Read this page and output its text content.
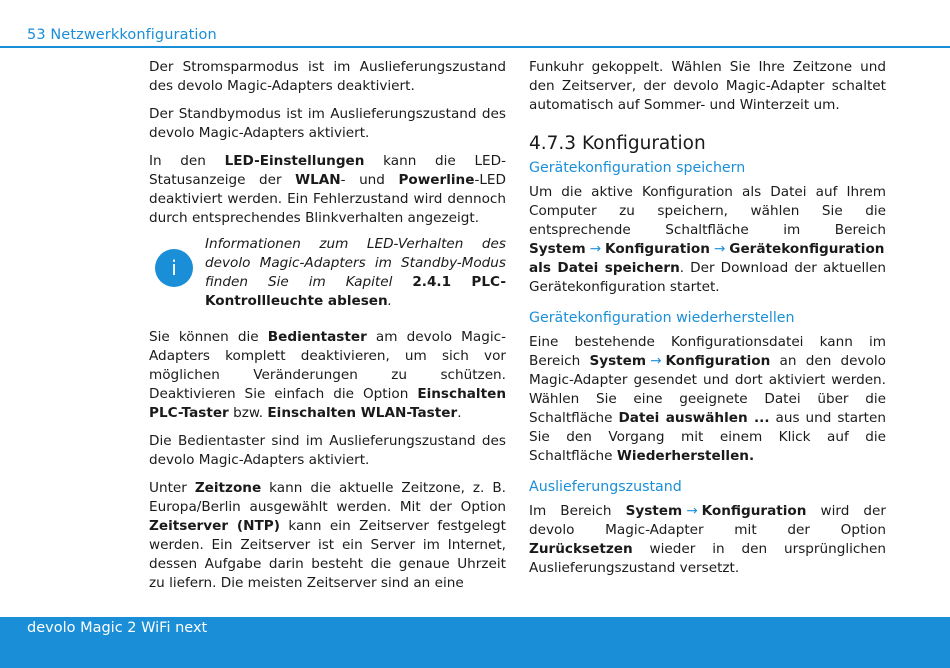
53 Netzwerkkonfiguration

Der Stromsparmodus ist im Auslieferungszustand des devolo Magic-Adapters deaktiviert.

Der Standbymodus ist im Auslieferungszustand des devolo Magic-Adapters aktiviert.

In den LED-Einstellungen kann die LED-Statusanzeige der WLAN- und Powerline-LED deaktiviert werden. Ein Fehlerzustand wird dennoch durch entsprechendes Blinkverhalten angezeigt.

i
Informationen zum LED-Verhalten des devolo Magic-Adapters im Standby-Modus finden Sie im Kapitel 2.4.1 PLC-Kontrollleuchte ablesen.

Sie können die Bedientaster am devolo Magic-Adapters komplett deaktivieren, um sich vor möglichen Veränderungen zu schützen. Deaktivieren Sie einfach die Option Einschalten PLC-Taster bzw. Einschalten WLAN-Taster.

Die Bedientaster sind im Auslieferungszustand des devolo Magic-Adapters aktiviert.

Unter Zeitzone kann die aktuelle Zeitzone, z. B. Europa/Berlin ausgewählt werden. Mit der Option Zeitserver (NTP) kann ein Zeitserver festgelegt werden. Ein Zeitserver ist ein Server im Internet, dessen Aufgabe darin besteht die genaue Uhrzeit zu liefern. Die meisten Zeitserver sind an eine

Funkuhr gekoppelt. Wählen Sie Ihre Zeitzone und den Zeitserver, der devolo Magic-Adapter schaltet automatisch auf Sommer- und Winterzeit um.

4.7.3 Konfiguration
Gerätekonfiguration speichern

Um die aktive Konfiguration als Datei auf Ihrem Computer zu speichern, wählen Sie die entsprechende Schaltfläche im Bereich System → Konfiguration → Gerätekonfiguration als Datei speichern. Der Download der aktuellen Gerätekonfiguration startet.

Gerätekonfiguration wiederherstellen

Eine bestehende Konfigurationsdatei kann im Bereich System → Konfiguration an den devolo Magic-Adapter gesendet und dort aktiviert werden. Wählen Sie eine geeignete Datei über die Schaltfläche Datei auswählen ... aus und starten Sie den Vorgang mit einem Klick auf die Schaltfläche Wiederherstellen.

Auslieferungszustand

Im Bereich System → Konfiguration wird der devolo Magic-Adapter mit der Option Zurücksetzen wieder in den ursprünglichen Auslieferungszustand versetzt.

devolo Magic 2 WiFi next
